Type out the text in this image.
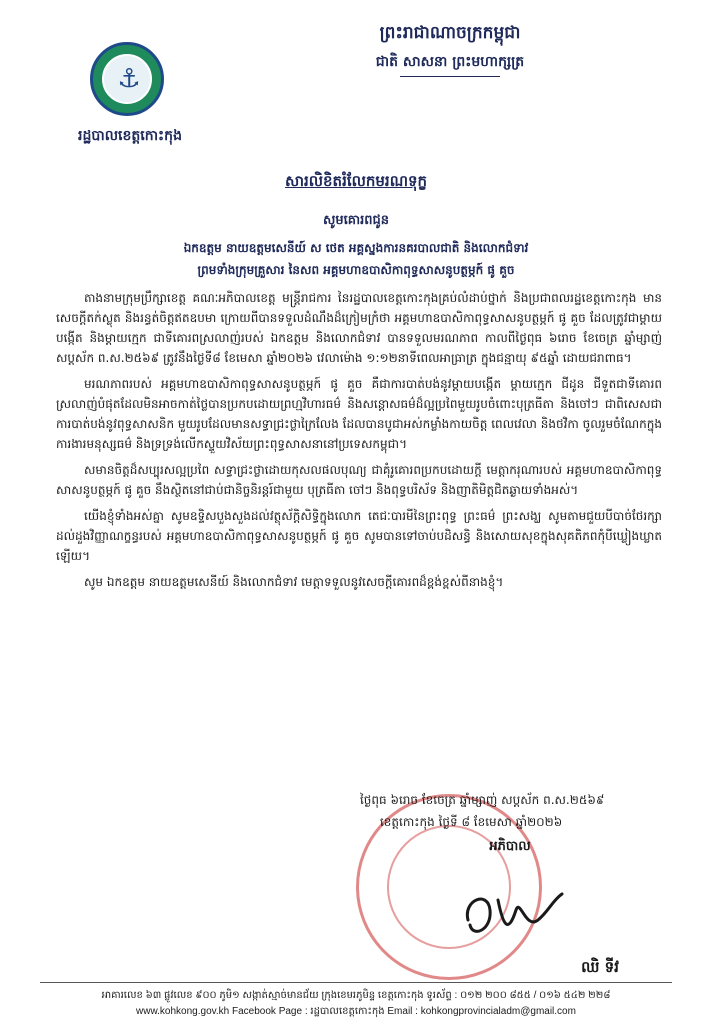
ព្រះរាជាណាចក្រកម្ពុជា
ជាតិ សាសនា ព្រះមហាក្សត្រ
⚓
រដ្ឋបាលខេត្តកោះកុង
សារលិខិតរំលែកមរណទុក្ខ
សូមគោរពជូន
ឯកឧត្តម នាយឧត្តមសេនីយ៍ ស ថេត អគ្គស្នងការនគរបាលជាតិ និងលោកជំទាវ
ព្រមទាំងក្រុមគ្រួសារ នៃសព អគ្គមហាឧបាសិកាពុទ្ធសាសនូបត្ថម្ភក៍ ផូ គួច

តាងនាមក្រុមប្រឹក្សាខេត្ត គណៈអភិបាលខេត្ត មន្ត្រីរាជការ នៃរដ្ឋបាលខេត្តកោះកុងគ្រប់លំដាប់ថ្នាក់ និងប្រជាពលរដ្ឋខេត្តកោះកុង មានសេចក្តីតក់ស្លុត និងរន្ធត់ចិត្តឥតឧបមា ក្រោយពីបានទទួលដំណឹងដ៏ក្រៀមក្រំថា អគ្គមហាឧបាសិកាពុទ្ធសាសនូបត្ថម្ភក៍ ផូ គួច ដែលត្រូវជាម្តាយបង្កើត និងម្តាយក្មេក ជាទីគោរពស្រលាញ់របស់ ឯកឧត្តម និងលោកជំទាវ បានទទួលមរណភាព កាលពីថ្ងៃពុធ ៦រោច ខែចេត្រ ឆ្នាំម្សាញ់ សប្តស័ក ព.ស.២៥៦៩ ត្រូវនឹងថ្ងៃទី៨ ខែមេសា ឆ្នាំ២០២៦ វេលាម៉ោង ១:១២នាទីពេលអាធ្រាត្រ ក្នុងជន្មាយុ ៩៥ឆ្នាំ ដោយជរាពាធ។

មរណភាពរបស់ អគ្គមហាឧបាសិកាពុទ្ធសាសនូបត្ថម្ភក៍ ផូ គួច គឺជាការបាត់បង់នូវម្តាយបង្កើត ម្តាយក្មេក ជីដូន ជីទួតជាទីគោរពស្រលាញ់បំផុតដែលមិនអាចកាត់ថ្លៃបានប្រកបដោយព្រហ្មវិហារធម៌ និងសន្តោសធម៌ដ៏ល្អប្រពៃមួយរូបចំពោះបុត្រធីតា និងចៅៗ ជាពិសេសជាការបាត់បង់នូវពុទ្ធសាសនិក មួយរូបដែលមានសទ្ធាជ្រះថ្លាក្រៃលែង ដែលបានបូជាអស់កម្លាំងកាយចិត្ត ពេលវេលា និងថវិកា ចូលរួមចំណែកក្នុងការងារមនុស្សធម៌ និងទ្រទ្រង់លើកស្ទួយវិស័យព្រះពុទ្ធសាសនានៅប្រទេសកម្ពុជា។

សមានចិត្តដ៏សប្បុរសល្អប្រពៃ សទ្ធាជ្រះថ្លាដោយកុសលផលបុណ្យ ជាគុំរូគោរពប្រកបដោយក្តី មេត្តាករុណារបស់ អគ្គមហាឧបាសិកាពុទ្ធសាសនូបត្ថម្ភក៍ ផូ គួច នឹងស្ថិតនៅជាប់ជានិច្ចនិរន្តរ៍ជាមួយ បុត្រធីតា ចៅៗ និងពុទ្ធបរិស័ទ និងញាតិមិត្តជិតឆ្ងាយទាំងអស់។

យើងខ្ញុំទាំងអស់គ្នា សូមឧទ្ទិសបួងសួងដល់វត្ថុស័ក្តិសិទ្ធិក្នុងលោក តេជៈបារមីនៃព្រះពុទ្ធ ព្រះធម៌ ព្រះសង្ឃ សូមតាមជួយបីបាច់ថែរក្សាដល់ដួងវិញ្ញាណក្ខន្ធរបស់ អគ្គមហាឧបាសិកាពុទ្ធសាសនូបត្ថម្ភក៍ ផូ គួច សូមបានទៅចាប់បដិសន្ធិ និងសោយសុខក្នុងសុគតិភពកុំបីឃ្លៀងឃ្លាតឡើយ។

សូម ឯកឧត្តម នាយឧត្តមសេនីយ៍ និងលោកជំទាវ មេត្តាទទួលនូវសេចក្តីគោរពដ៏ខ្ពង់ខ្ពស់ពីនាងខ្ញុំ។

ថ្ងៃពុធ ៦រោច ខែចេត្រ ឆ្នាំម្សាញ់ សប្តស័ក ព.ស.២៥៦៩
ខេត្តកោះកុង ថ្ងៃទី ៨ ខែមេសា ឆ្នាំ២០២៦
អភិបាល
ឈិ ទីវ
អាគារលេខ ៦៣ ផ្លូវលេខ ៩០០ ភូមិ១ សង្កាត់ស្មាច់មានជ័យ ក្រុងខេមរភូមិន្ទ ខេត្តកោះកុង ទូរស័ព្ទ : ០១២ ២០០ ៨៥៥ / ០១៦ ៥៤២ ២២៨
www.kohkong.gov.kh Facebook Page : រដ្ឋបាលខេត្តកោះកុង Email : kohkongprovincialadm@gmail.com
